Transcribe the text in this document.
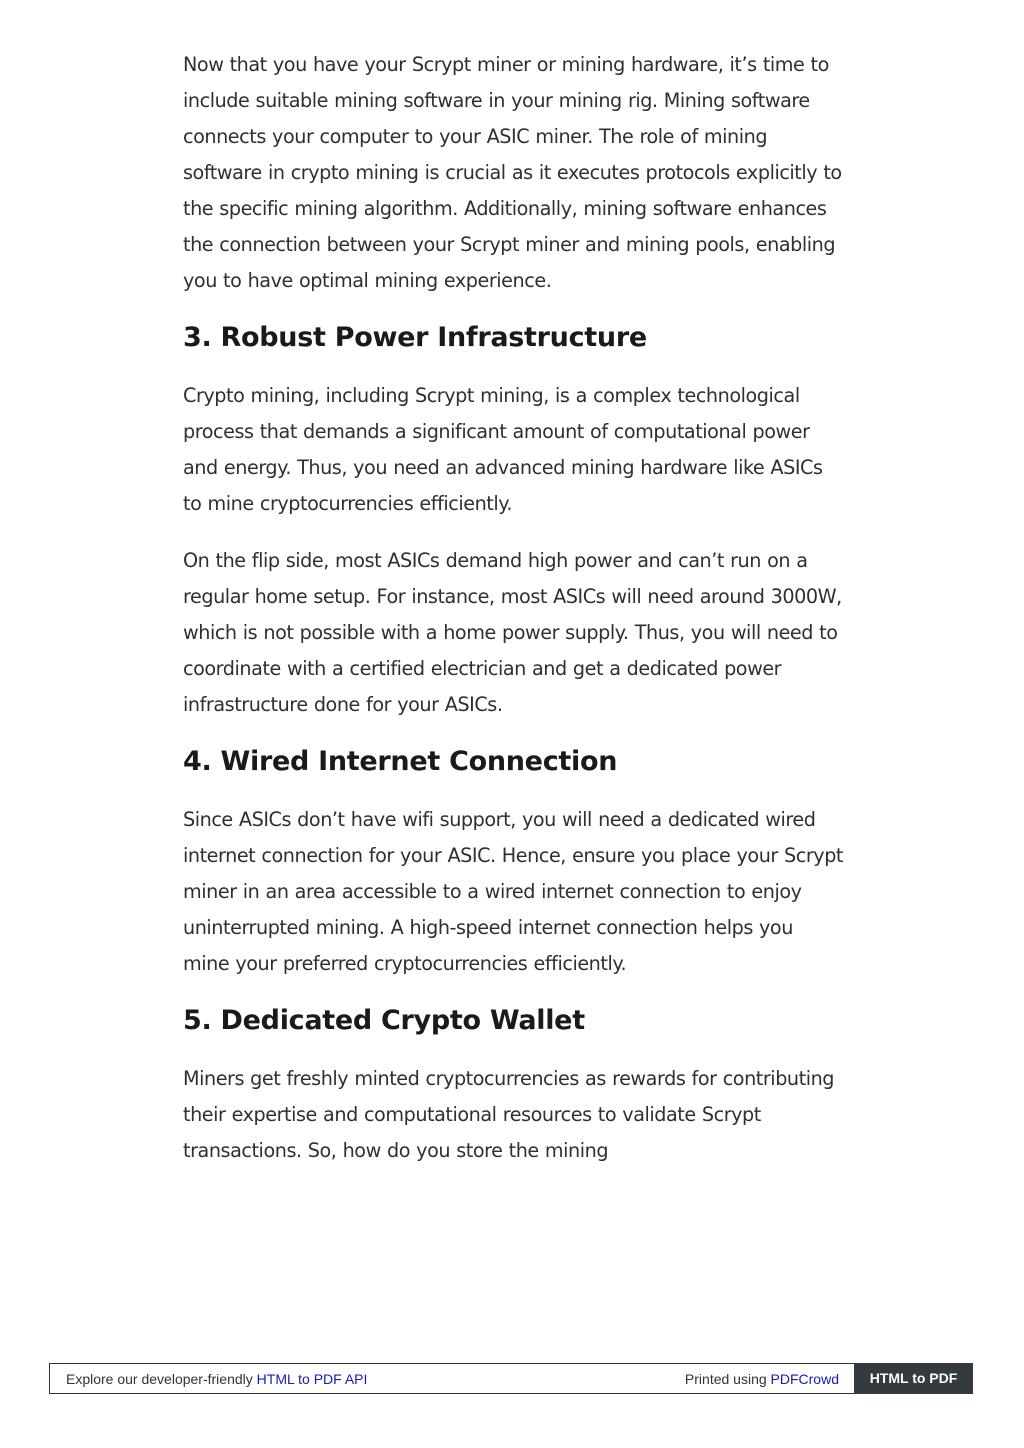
Now that you have your Scrypt miner or mining hardware, it’s time to include suitable mining software in your mining rig. Mining software connects your computer to your ASIC miner. The role of mining software in crypto mining is crucial as it executes protocols explicitly to the specific mining algorithm. Additionally, mining software enhances the connection between your Scrypt miner and mining pools, enabling you to have optimal mining experience.

3. Robust Power Infrastructure

Crypto mining, including Scrypt mining, is a complex technological process that demands a significant amount of computational power and energy. Thus, you need an advanced mining hardware like ASICs to mine cryptocurrencies efficiently.

On the flip side, most ASICs demand high power and can’t run on a regular home setup. For instance, most ASICs will need around 3000W, which is not possible with a home power supply. Thus, you will need to coordinate with a certified electrician and get a dedicated power infrastructure done for your ASICs.

4. Wired Internet Connection

Since ASICs don’t have wifi support, you will need a dedicated wired internet connection for your ASIC. Hence, ensure you place your Scrypt miner in an area accessible to a wired internet connection to enjoy uninterrupted mining. A high-speed internet connection helps you mine your preferred cryptocurrencies efficiently.

5. Dedicated Crypto Wallet

Miners get freshly minted cryptocurrencies as rewards for contributing their expertise and computational resources to validate Scrypt transactions. So, how do you store the mining

Explore our developer-friendly HTML to PDF API	Printed using PDFCrowd	HTML to PDF
